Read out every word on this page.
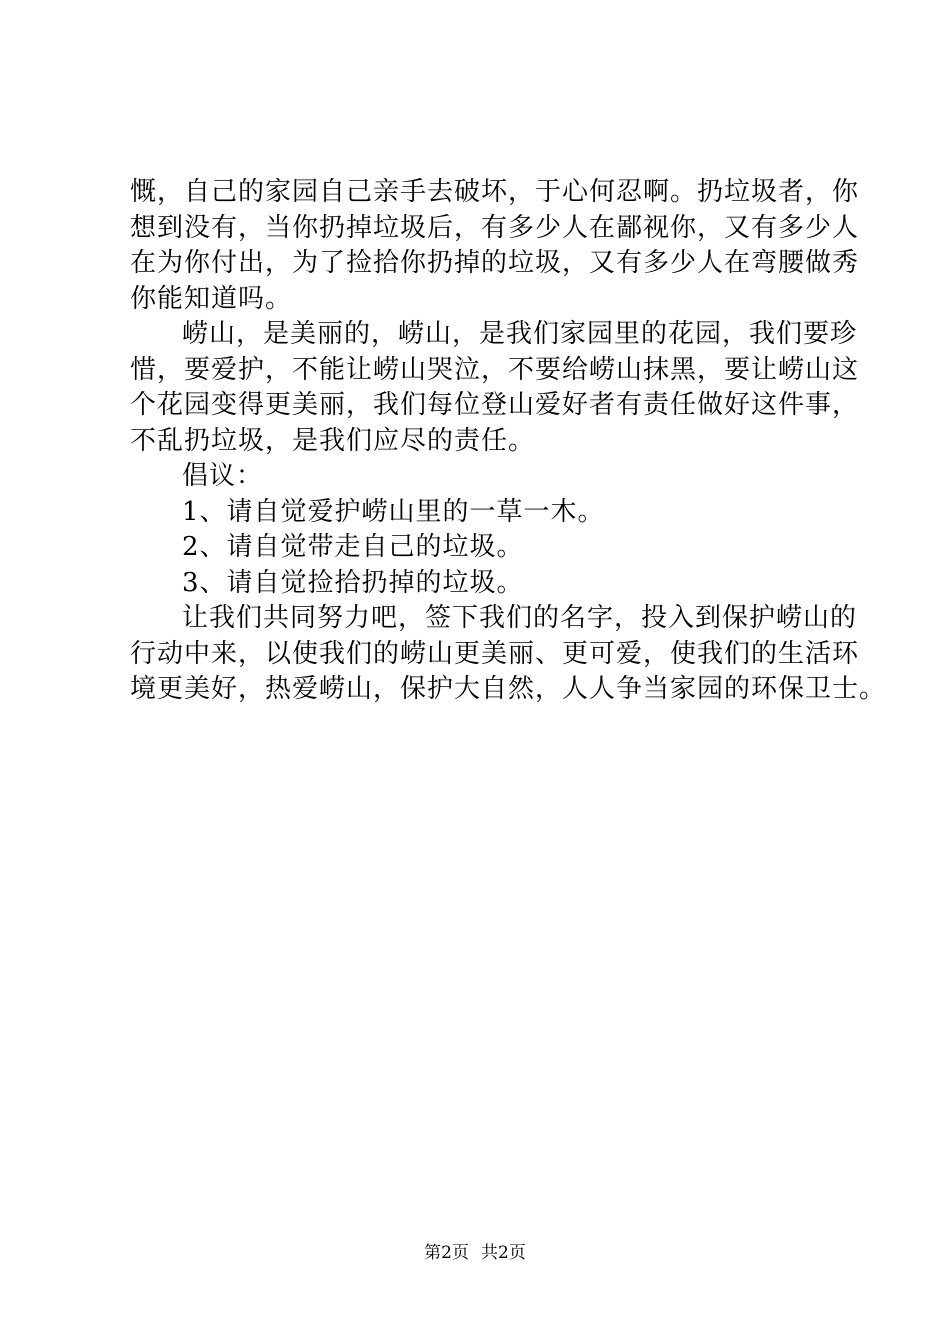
慨，自己的家园自己亲手去破坏，于心何忍啊。扔垃圾者，你
想到没有，当你扔掉垃圾后，有多少人在鄙视你，又有多少人
在为你付出，为了捡拾你扔掉的垃圾，又有多少人在弯腰做秀
你能知道吗。
崂山，是美丽的，崂山，是我们家园里的花园，我们要珍
惜，要爱护，不能让崂山哭泣，不要给崂山抹黑，要让崂山这
个花园变得更美丽，我们每位登山爱好者有责任做好这件事，
不乱扔垃圾，是我们应尽的责任。
倡议：
1、请自觉爱护崂山里的一草一木。
2、请自觉带走自己的垃圾。
3、请自觉捡拾扔掉的垃圾。
让我们共同努力吧，签下我们的名字，投入到保护崂山的
行动中来，以使我们的崂山更美丽、更可爱，使我们的生活环
境更美好，热爱崂山，保护大自然，人人争当家园的环保卫士。
第2页 共2页
